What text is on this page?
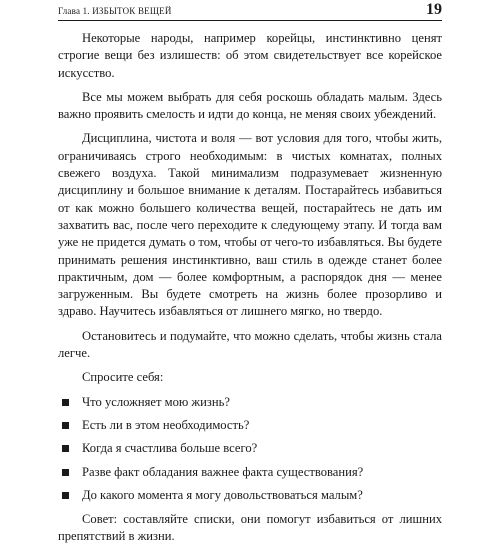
Глава 1. ИЗБЫТОК ВЕЩЕЙ	19

Некоторые народы, например корейцы, инстинктивно ценят строгие вещи без излишеств: об этом свидетельствует все корейское искусство.

Все мы можем выбрать для себя роскошь обладать малым. Здесь важно проявить смелость и идти до конца, не меняя своих убеждений.

Дисциплина, чистота и воля — вот условия для того, чтобы жить, ограничиваясь строго необходимым: в чистых комнатах, полных свежего воздуха. Такой минимализм подразумевает жизненную дисциплину и большое внимание к деталям. Постарайтесь избавиться от как можно большего количества вещей, постарайтесь не дать им захватить вас, после чего переходите к следующему этапу. И тогда вам уже не придется думать о том, чтобы от чего-то избавляться. Вы будете принимать решения инстинктивно, ваш стиль в одежде станет более практичным, дом — более комфортным, а распорядок дня — менее загруженным. Вы будете смотреть на жизнь более прозорливо и здраво. Научитесь избавляться от лишнего мягко, но твердо.

Остановитесь и подумайте, что можно сделать, чтобы жизнь стала легче.

Спросите себя:

Что усложняет мою жизнь?
Есть ли в этом необходимость?
Когда я счастлива больше всего?
Разве факт обладания важнее факта существования?
До какого момента я могу довольствоваться малым?

Совет: составляйте списки, они помогут избавиться от лишних препятствий в жизни.
